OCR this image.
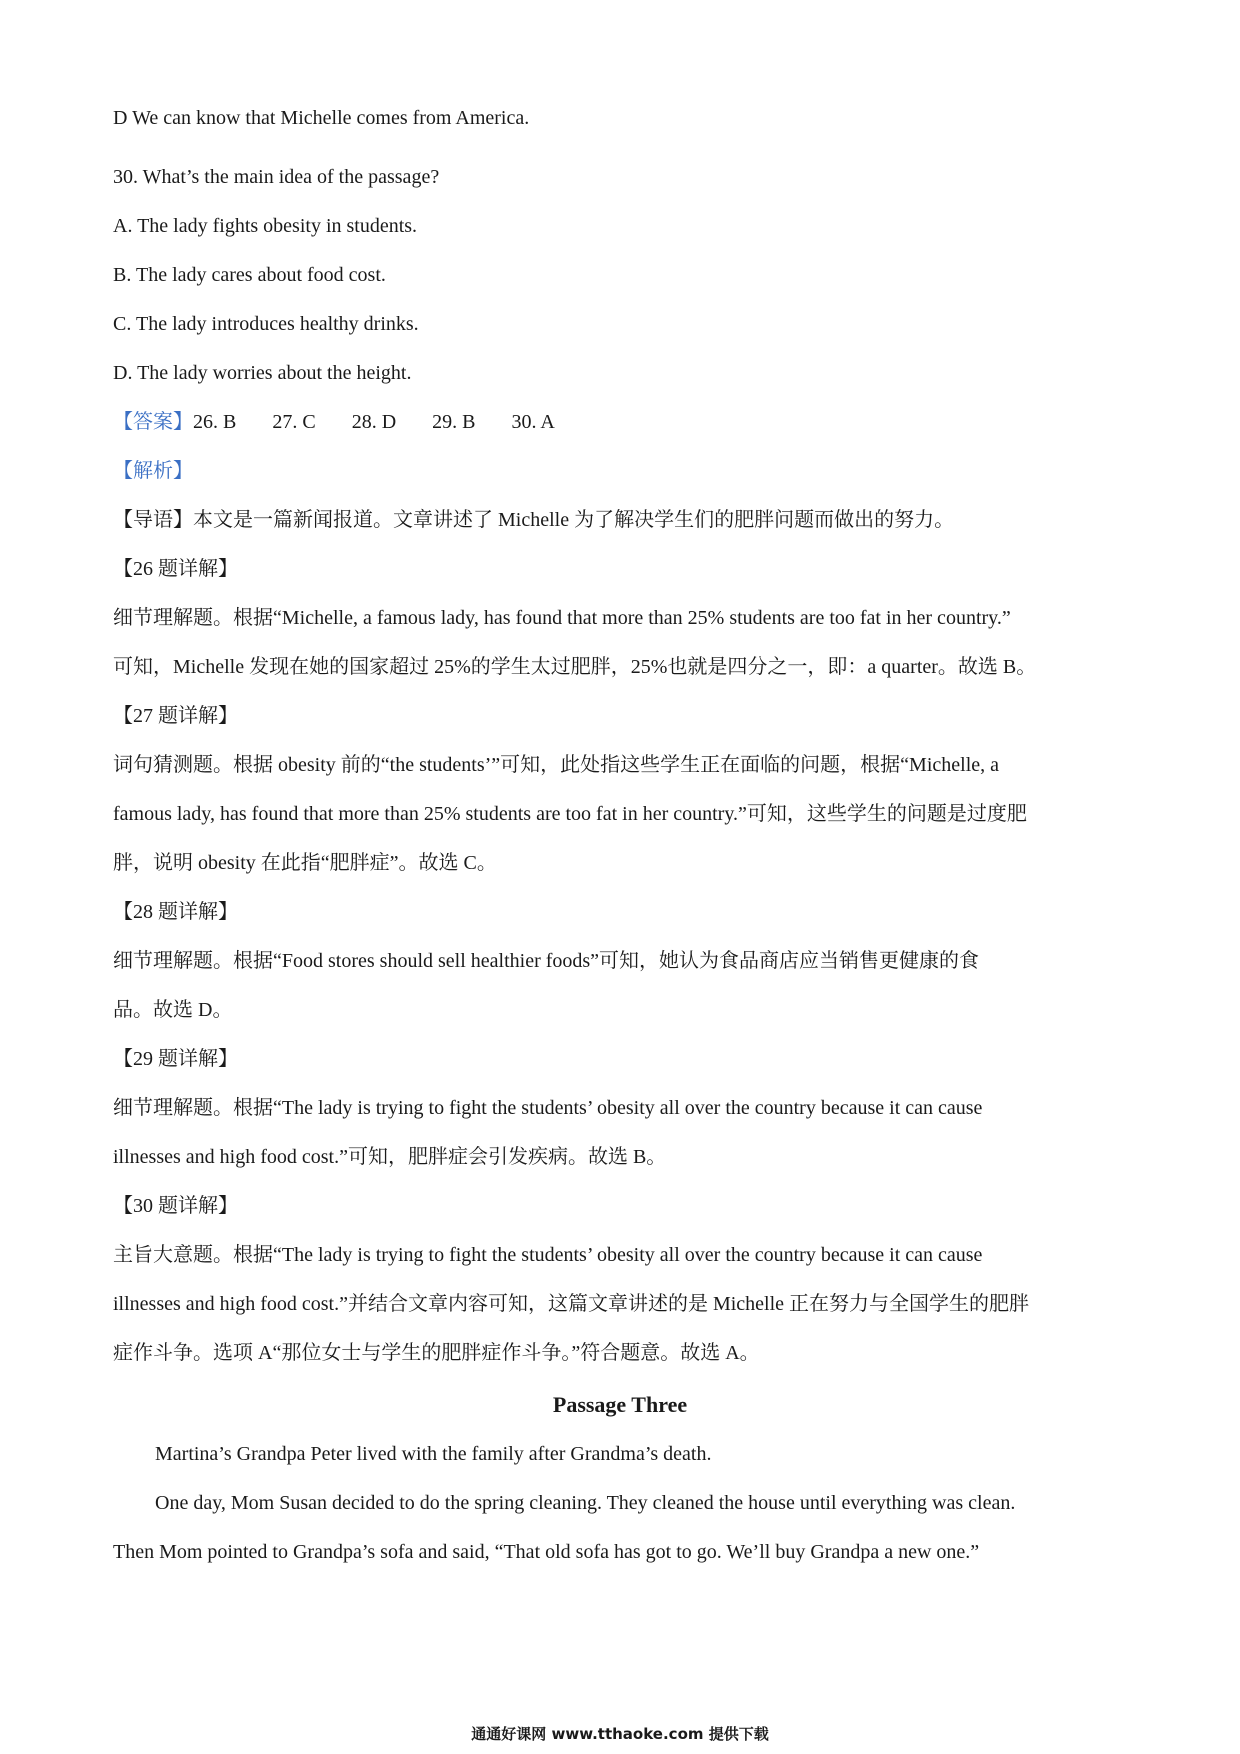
D We can know that Michelle comes from America.
30. What’s the main idea of the passage?
A. The lady fights obesity in students.
B. The lady cares about food cost.
C. The lady introduces healthy drinks.
D. The lady worries about the height.
【答案】26. B 27. C 28. D 29. B 30. A
【解析】
【导语】本文是一篇新闻报道。文章讲述了 Michelle 为了解决学生们的肥胖问题而做出的努力。
【26 题详解】
细节理解题。根据“Michelle, a famous lady, has found that more than 25% students are too fat in her country.”
可知，Michelle 发现在她的国家超过 25%的学生太过肥胖，25%也就是四分之一，即：a quarter。故选 B。
【27 题详解】
词句猜测题。根据 obesity 前的“the students’”可知，此处指这些学生正在面临的问题，根据“Michelle, a
famous lady, has found that more than 25% students are too fat in her country.”可知，这些学生的问题是过度肥
胖，说明 obesity 在此指“肥胖症”。故选 C。
【28 题详解】
细节理解题。根据“Food stores should sell healthier foods”可知，她认为食品商店应当销售更健康的食
品。故选 D。
【29 题详解】
细节理解题。根据“The lady is trying to fight the students’ obesity all over the country because it can cause
illnesses and high food cost.”可知，肥胖症会引发疾病。故选 B。
【30 题详解】
主旨大意题。根据“The lady is trying to fight the students’ obesity all over the country because it can cause
illnesses and high food cost.”并结合文章内容可知，这篇文章讲述的是 Michelle 正在努力与全国学生的肥胖
症作斗争。选项 A“那位女士与学生的肥胖症作斗争。”符合题意。故选 A。
Passage Three
Martina’s Grandpa Peter lived with the family after Grandma’s death.
One day, Mom Susan decided to do the spring cleaning. They cleaned the house until everything was clean.
Then Mom pointed to Grandpa’s sofa and said, “That old sofa has got to go. We’ll buy Grandpa a new one.”
通通好课网 www.tthaoke.com 提供下载
